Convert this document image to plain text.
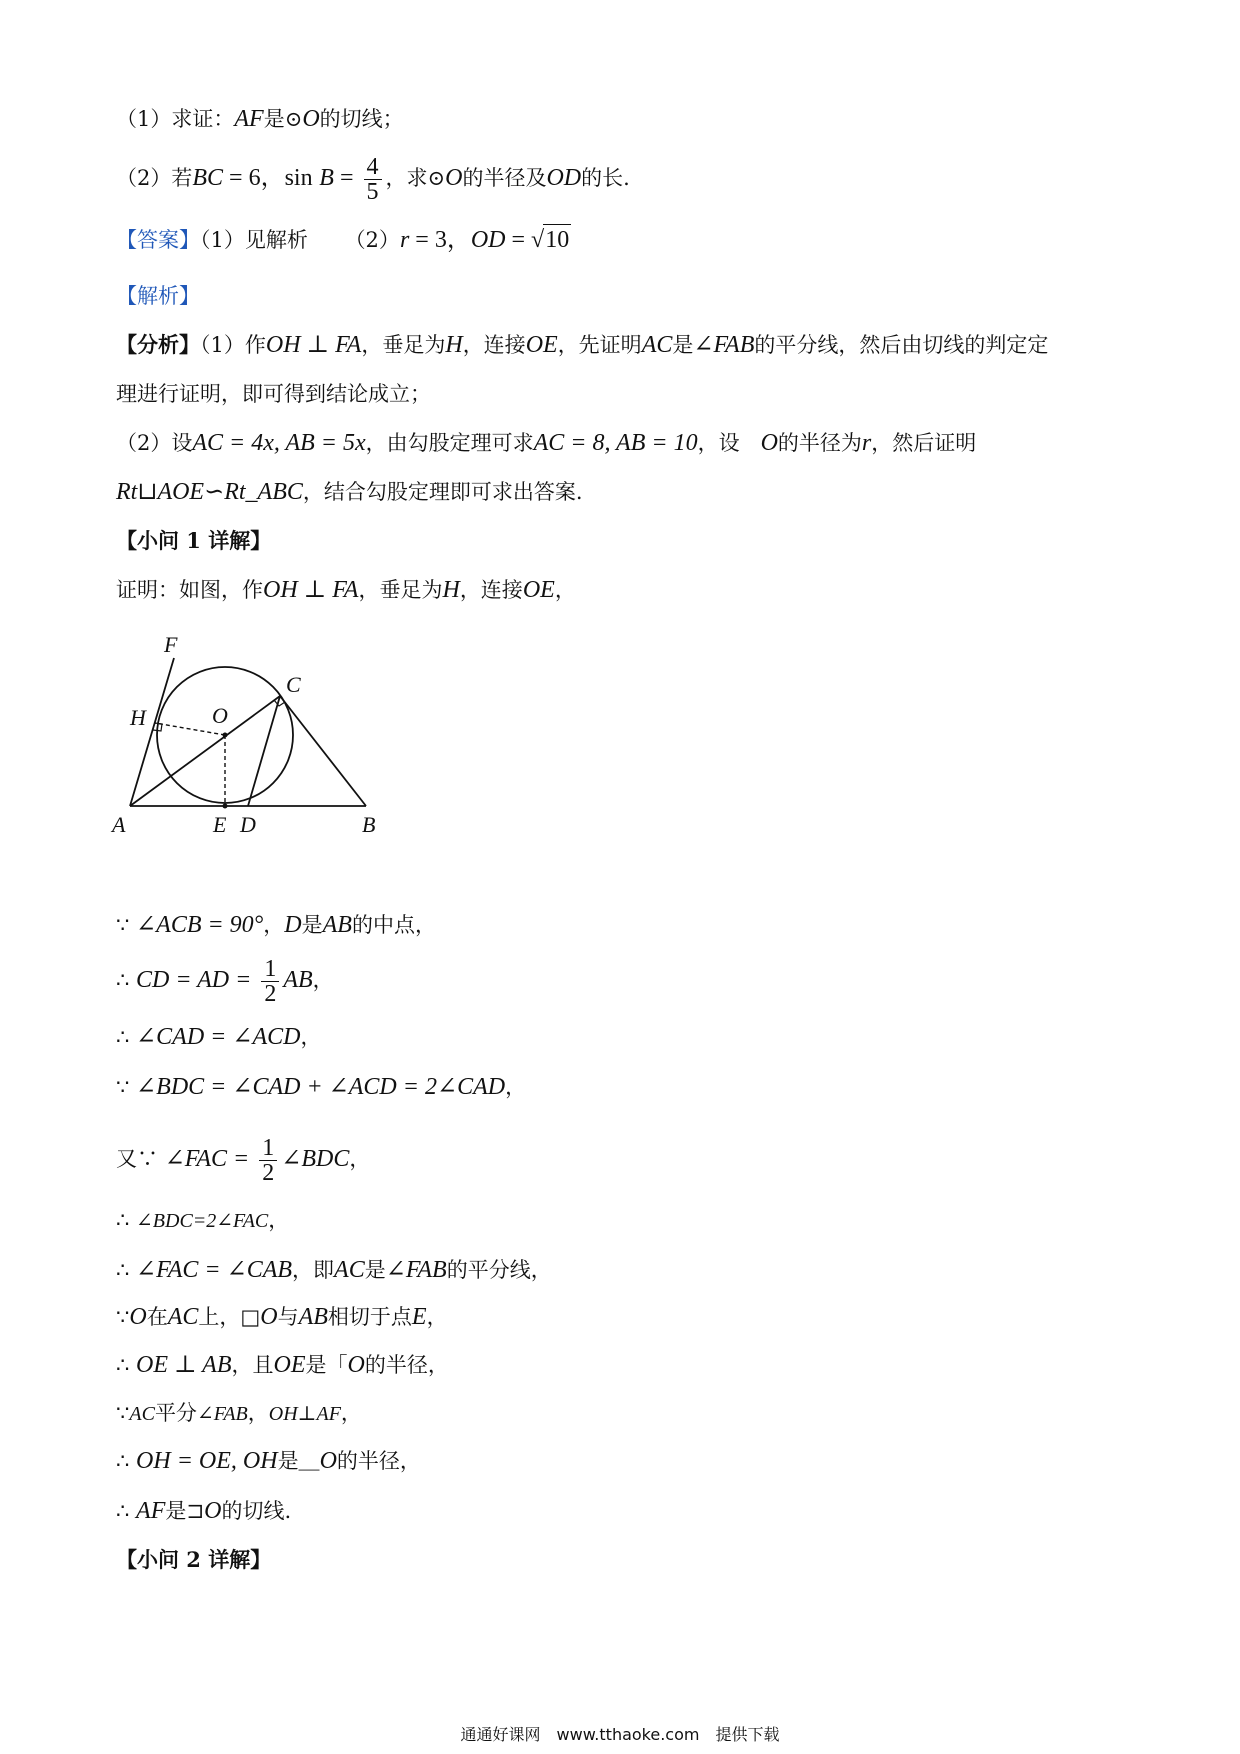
（1）求证：AF是⊙O的切线；
（2）若BC = 6，$\sin B = \frac{4}{5}$ ，求⊙O的半径及OD的长.
【答案】（1）见解析 （2）r = 3，OD = √10
【解析】
【分析】（1）作OH ⊥ FA，垂足为H，连接OE，先证明AC是∠FAB的平分线，然后由切线的判定定
理进行证明，即可得到结论成立；
（2）设AC = 4x, AB = 5x，由勾股定理可求AC = 8, AB = 10，设　O的半径为r，然后证明
Rt⊔AOE∽Rt_ABC，结合勾股定理即可求出答案.
【小问 1 详解】
证明：如图，作OH ⊥ FA，垂足为H，连接OE，
F
C
H	O
A	E D	B
∵ ∠ACB = 90°，D是AB的中点，
∴ CD = AD = $\frac{1}{2}$ AB，
∴ ∠CAD = ∠ACD，
∵ ∠BDC = ∠CAD + ∠ACD = 2∠CAD，
又∵ ∠FAC = $\frac{1}{2}$ ∠BDC，
∴ ∠BDC=2∠FAC，
∴ ∠FAC = ∠CAB，即AC是∠FAB的平分线，
∵O在AC上，□O与AB相切于点E，
∴ OE ⊥ AB，且OE是「O的半径，
∵AC平分∠FAB，OH⊥AF，
∴ OH = OE, OH是＿O的半径，
∴ AF是⊐O的切线.
【小问 2 详解】
通通好课网　www.tthaoke.com　提供下载
